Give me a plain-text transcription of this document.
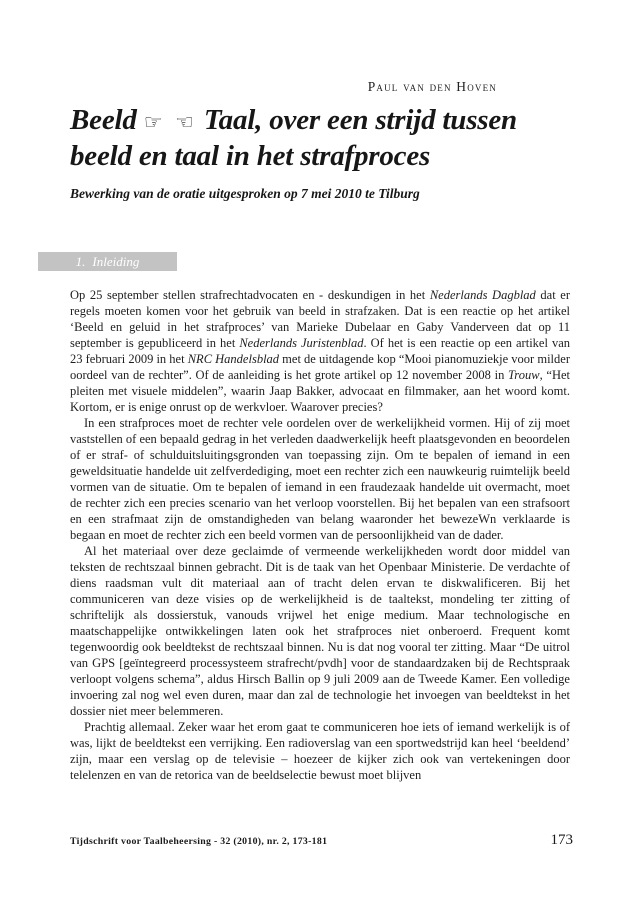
Paul van den Hoven
Beeld ☞ ☜ Taal, over een strijd tussen
beeld en taal in het strafproces
Bewerking van de oratie uitgesproken op 7 mei 2010 te Tilburg
1. Inleiding

Op 25 september stellen strafrechtadvocaten en - deskundigen in het Nederlands Dagblad dat er regels moeten komen voor het gebruik van beeld in strafzaken. Dat is een reactie op het artikel ‘Beeld en geluid in het strafproces’ van Marieke Dubelaar en Gaby Vanderveen dat op 11 september is gepubliceerd in het Nederlands Juristenblad. Of het is een reactie op een artikel van 23 februari 2009 in het NRC Handelsblad met de uitdagende kop “Mooi pianomuziekje voor milder oordeel van de rechter”. Of de aanleiding is het grote artikel op 12 november 2008 in Trouw, “Het pleiten met visuele middelen”, waarin Jaap Bakker, advocaat en filmmaker, aan het woord komt. Kortom, er is enige onrust op de werkvloer. Waarover precies?

In een strafproces moet de rechter vele oordelen over de werkelijkheid vormen. Hij of zij moet vaststellen of een bepaald gedrag in het verleden daadwerkelijk heeft plaatsgevonden en beoordelen of er straf- of schulduitsluitingsgronden van toepassing zijn. Om te bepalen of iemand in een geweldsituatie handelde uit zelfverdediging, moet een rechter zich een nauwkeurig ruimtelijk beeld vormen van de situatie. Om te bepalen of iemand in een fraudezaak handelde uit overmacht, moet de rechter zich een precies scenario van het verloop voorstellen. Bij het bepalen van een strafsoort en een strafmaat zijn de omstandigheden van belang waaronder het bewezeWn verklaarde is begaan en moet de rechter zich een beeld vormen van de persoonlijkheid van de dader.

Al het materiaal over deze geclaimde of vermeende werkelijkheden wordt door middel van teksten de rechtszaal binnen gebracht. Dit is de taak van het Openbaar Ministerie. De verdachte of diens raadsman vult dit materiaal aan of tracht delen ervan te diskwalificeren. Bij het communiceren van deze visies op de werkelijkheid is de taaltekst, mondeling ter zitting of schriftelijk als dossierstuk, vanouds vrijwel het enige medium. Maar technologische en maatschappelijke ontwikkelingen laten ook het strafproces niet onberoerd. Frequent komt tegenwoordig ook beeldtekst de rechtszaal binnen. Nu is dat nog vooral ter zitting. Maar “De uitrol van GPS [geïntegreerd processysteem strafrecht/pvdh] voor de standaardzaken bij de Rechtspraak verloopt volgens schema”, aldus Hirsch Ballin op 9 juli 2009 aan de Tweede Kamer. Een volledige invoering zal nog wel even duren, maar dan zal de technologie het invoegen van beeldtekst in het dossier niet meer belemmeren.

Prachtig allemaal. Zeker waar het erom gaat te communiceren hoe iets of iemand werkelijk is of was, lijkt de beeldtekst een verrijking. Een radioverslag van een sportwedstrijd kan heel ‘beeldend’ zijn, maar een verslag op de televisie – hoezeer de kijker zich ook van vertekeningen door telelenzen en van de retorica van de beeldselectie bewust moet blijven

Tijdschrift voor Taalbeheersing - 32 (2010), nr. 2, 173-181	173
